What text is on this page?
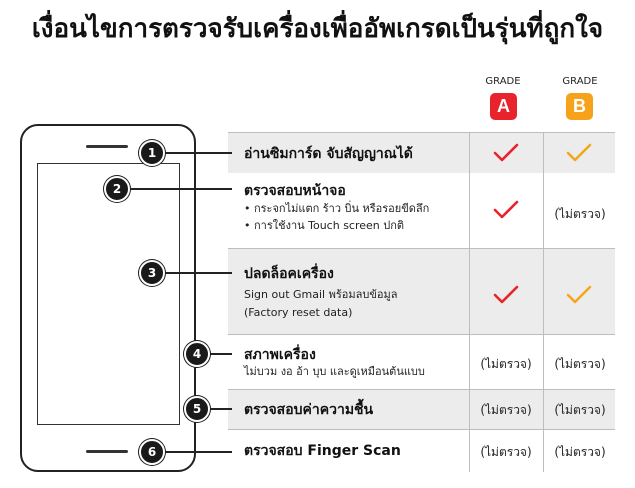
เงื่อนไขการตรวจรับเครื่องเพื่ออัพเกรดเป็นรุ่นที่ถูกใจ
GRADE
A
GRADE
B
1
2
3
4
5
6
อ่านซิมการ์ด จับสัญญาณได้
ตรวจสอบหน้าจอ
• กระจกไม่แตก ร้าว บิ่น หรือรอยขีดลึก
• การใช้งาน Touch screen ปกติ
ปลดล็อคเครื่อง
Sign out Gmail พร้อมลบข้อมูล
(Factory reset data)
สภาพเครื่อง
ไม่บวม งอ อ้า บุบ และดูเหมือนต้นแบบ
ตรวจสอบค่าความชื้น
ตรวจสอบ Finger Scan
(ไม่ตรวจ)
(ไม่ตรวจ)
(ไม่ตรวจ)
(ไม่ตรวจ)
(ไม่ตรวจ)
(ไม่ตรวจ)
(ไม่ตรวจ)
